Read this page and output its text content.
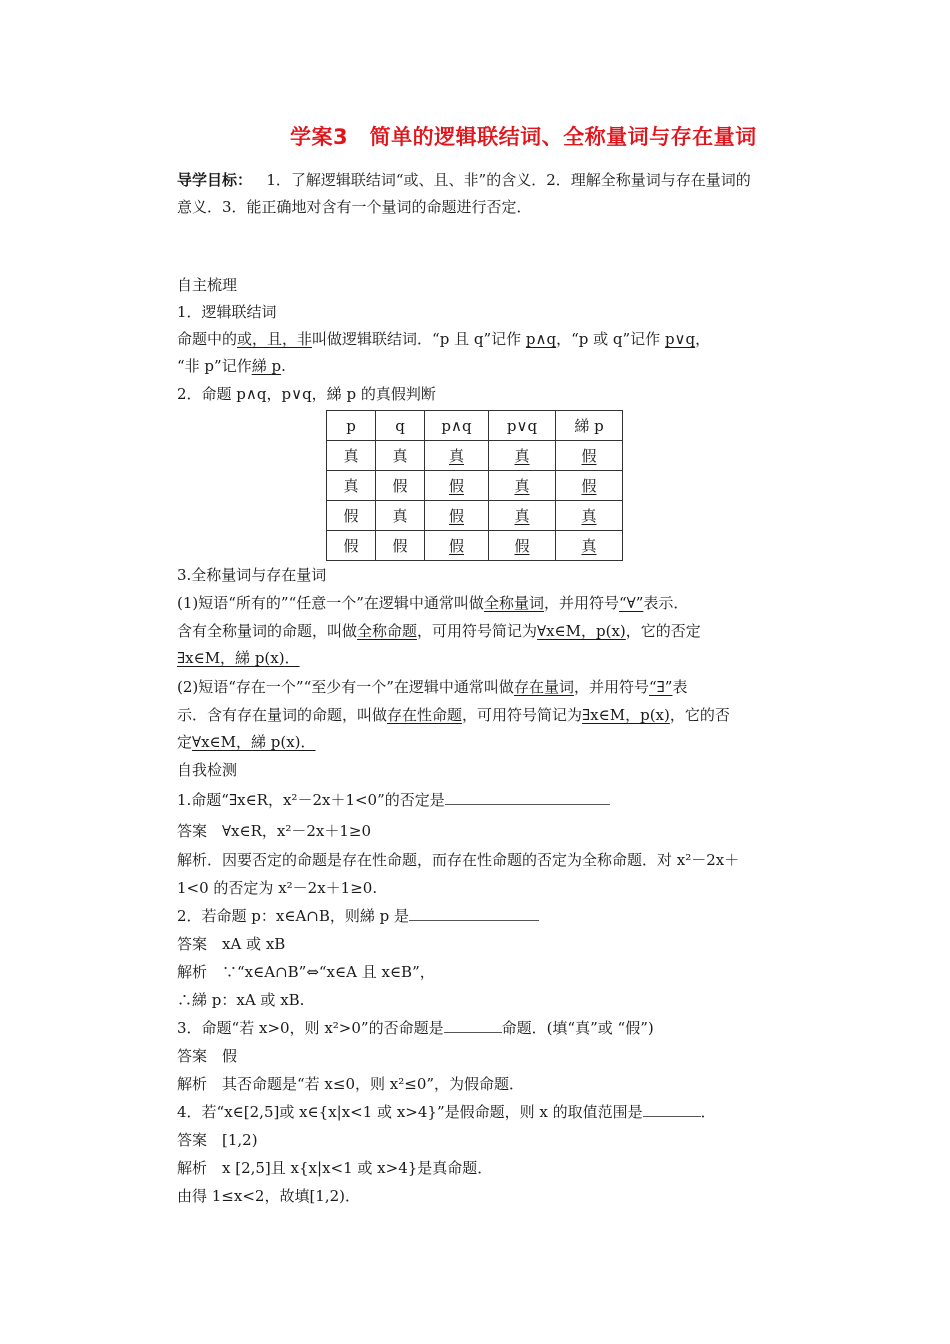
学案3　简单的逻辑联结词、全称量词与存在量词
导学目标： 1．了解逻辑联结词“或、且、非”的含义．2．理解全称量词与存在量词的
意义．3．能正确地对含有一个量词的命题进行否定．
自主梳理
1．逻辑联结词
命题中的或，且，非叫做逻辑联结词．“p 且 q”记作 p∧q，“p 或 q”记作 p∨q，
“非 p”记作綈 p.
2．命题 p∧q，p∨q，綈 p 的真假判断
p	q	p∧q	p∨q	綈 p
真	真	真	真	假
真	假	假	真	假
假	真	假	真	真
假	假	假	假	真
3.全称量词与存在量词
(1)短语“所有的”“任意一个”在逻辑中通常叫做全称量词，并用符号“∀”表示．
含有全称量词的命题，叫做全称命题，可用符号简记为∀x∈M，p(x)，它的否定
∃x∈M，綈 p(x)．
(2)短语“存在一个”“至少有一个”在逻辑中通常叫做存在量词，并用符号“∃”表
示．含有存在量词的命题，叫做存在性命题，可用符号简记为∃x∈M，p(x)，它的否
定∀x∈M，綈 p(x)．
自我检测
1.命题“∃x∈R，x²－2x＋1<0”的否定是
答案　∀x∈R，x²－2x＋1≥0
解析．因要否定的命题是存在性命题，而存在性命题的否定为全称命题．对 x²－2x＋
1<0 的否定为 x²－2x＋1≥0.
2．若命题 p：x∈A∩B，则綈 p 是
答案　xA 或 xB
解析　∵“x∈A∩B”⇔“x∈A 且 x∈B”，
∴綈 p：xA 或 xB.
3．命题“若 x>0，则 x²>0”的否命题是	命题．(填“真”或 “假”)
答案　假
解析　其否命题是“若 x≤0，则 x²≤0”，为假命题．
4．若“x∈[2,5]或 x∈{x|x<1 或 x>4}”是假命题，则 x 的取值范围是	．
答案　[1,2)
解析　x [2,5]且 x{x|x<1 或 x>4}是真命题．
由得 1≤x<2，故填[1,2)．
